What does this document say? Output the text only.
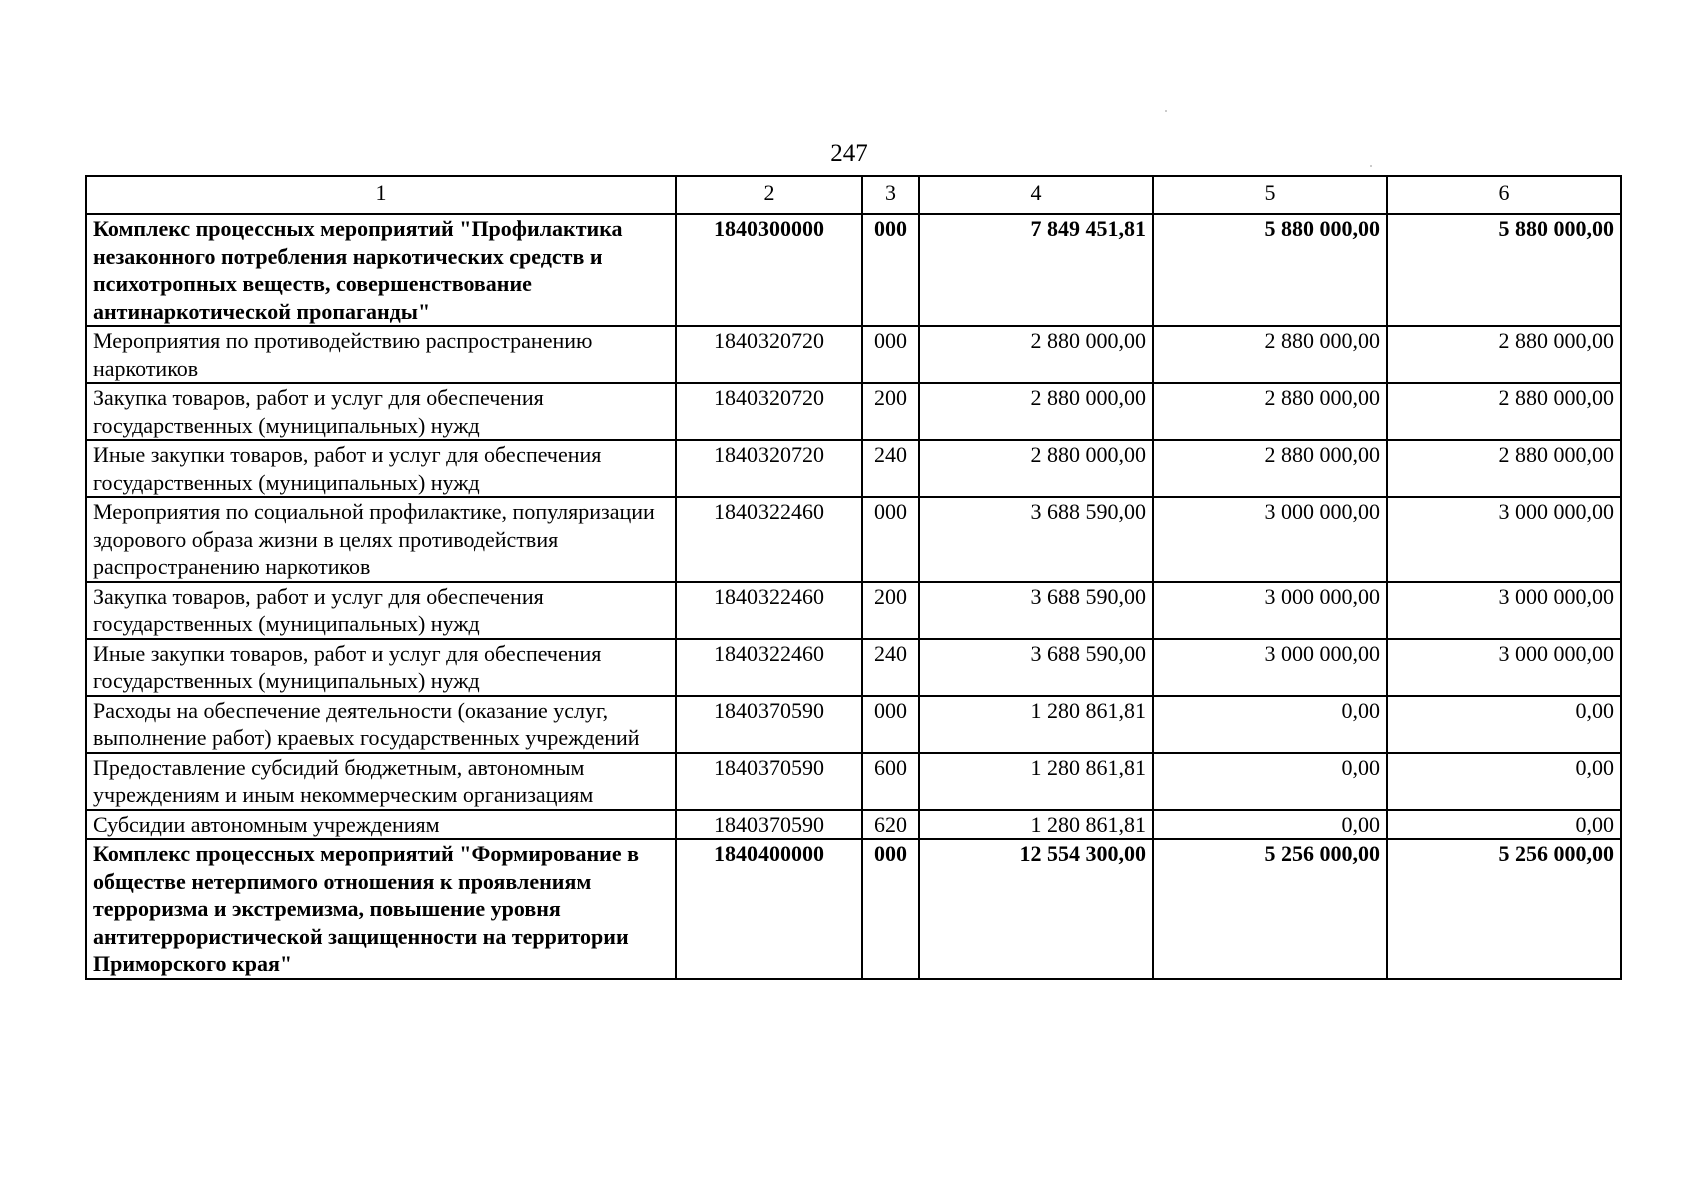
247
1	2	3	4	5	6
Комплекс процессных мероприятий "Профилактика незаконного потребления наркотических средств и психотропных веществ, совершенствование антинаркотической пропаганды"	1840300000	000	7 849 451,81	5 880 000,00	5 880 000,00
Мероприятия по противодействию распространению наркотиков	1840320720	000	2 880 000,00	2 880 000,00	2 880 000,00
Закупка товаров, работ и услуг для обеспечения государственных (муниципальных) нужд	1840320720	200	2 880 000,00	2 880 000,00	2 880 000,00
Иные закупки товаров, работ и услуг для обеспечения государственных (муниципальных) нужд	1840320720	240	2 880 000,00	2 880 000,00	2 880 000,00
Мероприятия по социальной профилактике, популяризации здорового образа жизни в целях противодействия распространению наркотиков	1840322460	000	3 688 590,00	3 000 000,00	3 000 000,00
Закупка товаров, работ и услуг для обеспечения государственных (муниципальных) нужд	1840322460	200	3 688 590,00	3 000 000,00	3 000 000,00
Иные закупки товаров, работ и услуг для обеспечения государственных (муниципальных) нужд	1840322460	240	3 688 590,00	3 000 000,00	3 000 000,00
Расходы на обеспечение деятельности (оказание услуг, выполнение работ) краевых государственных учреждений	1840370590	000	1 280 861,81	0,00	0,00
Предоставление субсидий бюджетным, автономным учреждениям и иным некоммерческим организациям	1840370590	600	1 280 861,81	0,00	0,00
Субсидии автономным учреждениям	1840370590	620	1 280 861,81	0,00	0,00
Комплекс процессных мероприятий "Формирование в обществе нетерпимого отношения к проявлениям терроризма и экстремизма, повышение уровня антитеррористической защищенности на территории Приморского края"	1840400000	000	12 554 300,00	5 256 000,00	5 256 000,00
